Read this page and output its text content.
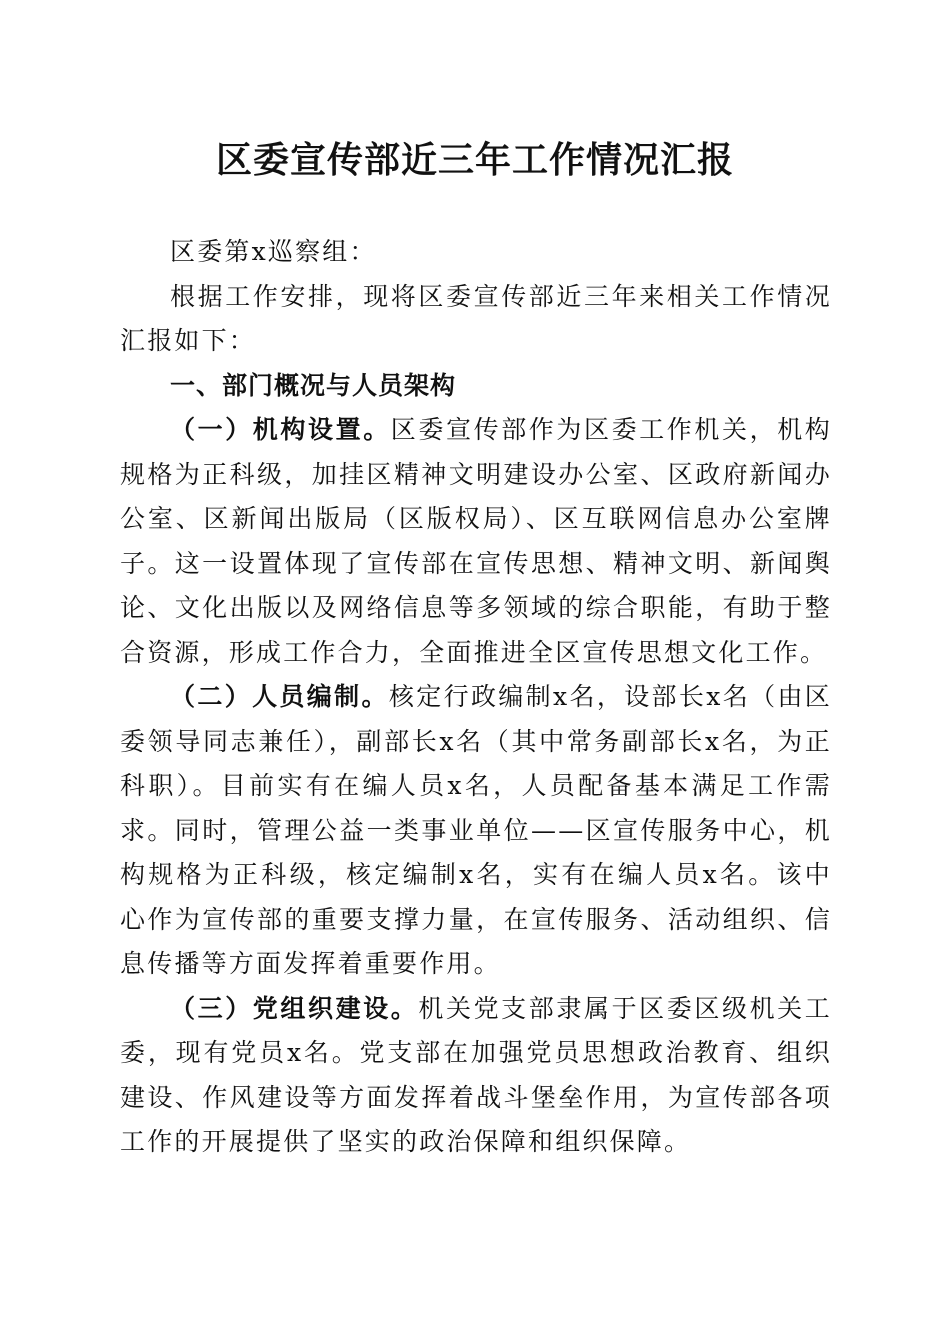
区委宣传部近三年工作情况汇报

区委第x巡察组：

根据工作安排，现将区委宣传部近三年来相关工作情况汇报如下：

一、部门概况与人员架构

（一）机构设置。区委宣传部作为区委工作机关，机构规格为正科级，加挂区精神文明建设办公室、区政府新闻办公室、区新闻出版局（区版权局）、区互联网信息办公室牌子。这一设置体现了宣传部在宣传思想、精神文明、新闻舆论、文化出版以及网络信息等多领域的综合职能，有助于整合资源，形成工作合力，全面推进全区宣传思想文化工作。

（二）人员编制。核定行政编制x名，设部长x名（由区委领导同志兼任），副部长x名（其中常务副部长x名，为正科职）。目前实有在编人员x名，人员配备基本满足工作需求。同时，管理公益一类事业单位——区宣传服务中心，机构规格为正科级，核定编制x名，实有在编人员x名。该中心作为宣传部的重要支撑力量，在宣传服务、活动组织、信息传播等方面发挥着重要作用。

（三）党组织建设。机关党支部隶属于区委区级机关工委，现有党员x名。党支部在加强党员思想政治教育、组织建设、作风建设等方面发挥着战斗堡垒作用，为宣传部各项工作的开展提供了坚实的政治保障和组织保障。
